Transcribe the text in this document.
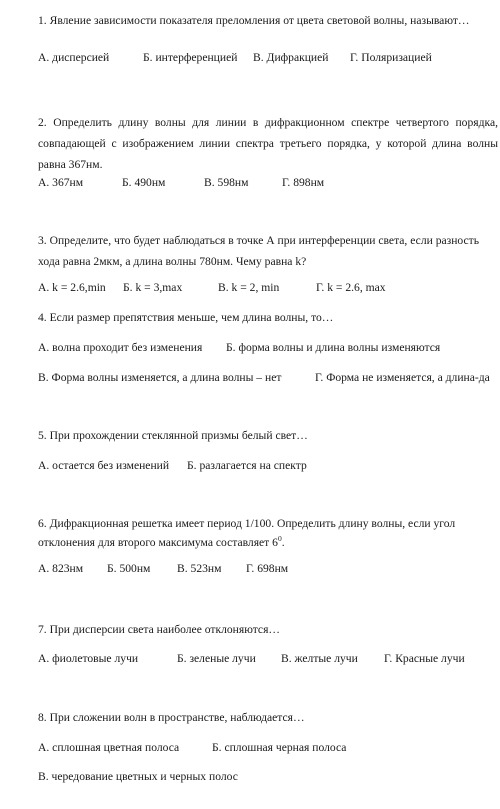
1. Явление зависимости показателя преломления от цвета световой волны, называют…
А. дисперсией	Б. интерференцией В. Дифракцией Г. Поляризацией
2. Определить длину волны для линии в дифракционном спектре четвертого порядка, совпадающей с изображением линии спектра третьего порядка, у которой длина волны равна 367нм.
А. 367нм	Б. 490нм	В. 598нм	Г. 898нм
3. Определите, что будет наблюдаться в точке А при интерференции света, если разность
хода равна 2мкм, а длина волны 780нм. Чему равна k?
А. k = 2.6,min Б. k = 3,max	В. k = 2, min	Г. k = 2.6, max
4. Если размер препятствия меньше, чем длина волны, то…
А. волна проходит без изменения Б. форма волны и длина волны изменяются
В. Форма волны изменяется, а длина волны – нет	Г. Форма не изменяется, а длина-да
5. При прохождении стеклянной призмы белый свет…
А. остается без изменений Б. разлагается на спектр
6. Дифракционная решетка имеет период 1/100. Определить длину волны, если угол
отклонения для второго максимума составляет $6^0$.
А. 823нм Б. 500нм В. 523нм Г. 698нм
7. При дисперсии света наиболее отклоняются…
А. фиолетовые лучи	Б. зеленые лучи В. желтые лучи Г. Красные лучи
8. При сложении волн в пространстве, наблюдается…
А. сплошная цветная полоса	Б. сплошная черная полоса
В. чередование цветных и черных полос
